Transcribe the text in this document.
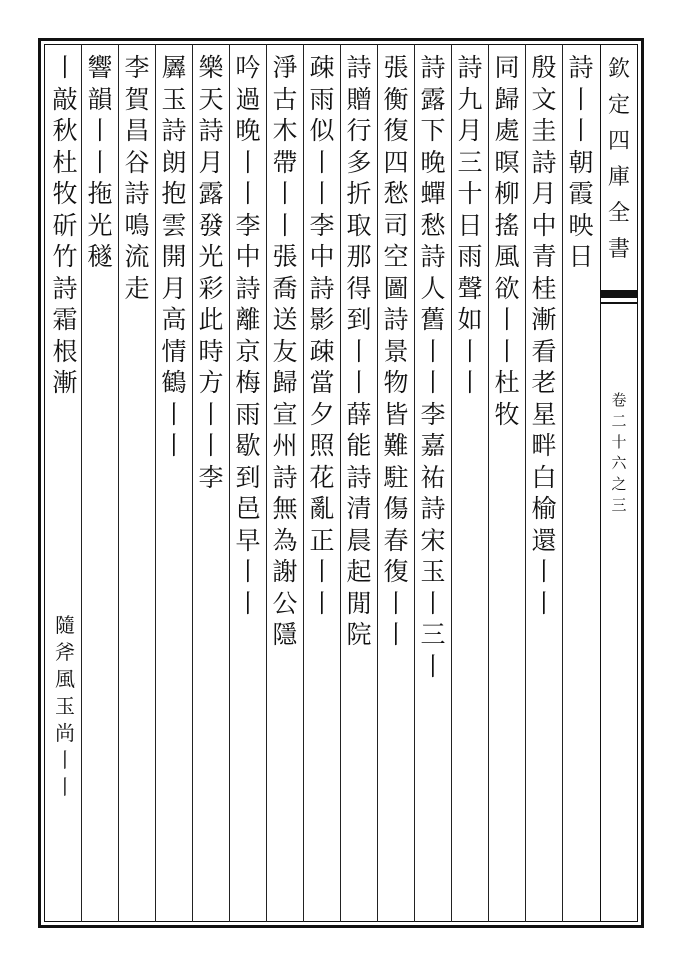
欽定四庫全書
卷二十六之三
詩丨丨朝霞映日
殷文圭詩月中青桂漸看老星畔白榆還丨丨
同歸處暝柳搖風欲丨丨杜牧
詩九月三十日雨聲如丨丨
詩露下晚蟬愁詩人舊丨丨李嘉祐詩宋玉丨三丨
張衡復四愁司空圖詩景物皆難駐傷春復丨丨
詩贈行多折取那得到丨丨薛能詩清晨起閒院
疎雨似丨丨李中詩影疎當夕照花亂正丨丨
淨古木帶丨丨張喬送友歸宣州詩無為謝公隱
吟過晚丨丨李中詩離京梅雨歇到邑早丨丨
樂天詩月露發光彩此時方丨丨李
羼玉詩朗抱雲開月高情鶴丨丨
李賀昌谷詩鳴流走
響韻丨丨拖光穟
丨敲秋杜牧斫竹詩霜根漸
隨斧風玉尚丨丨
